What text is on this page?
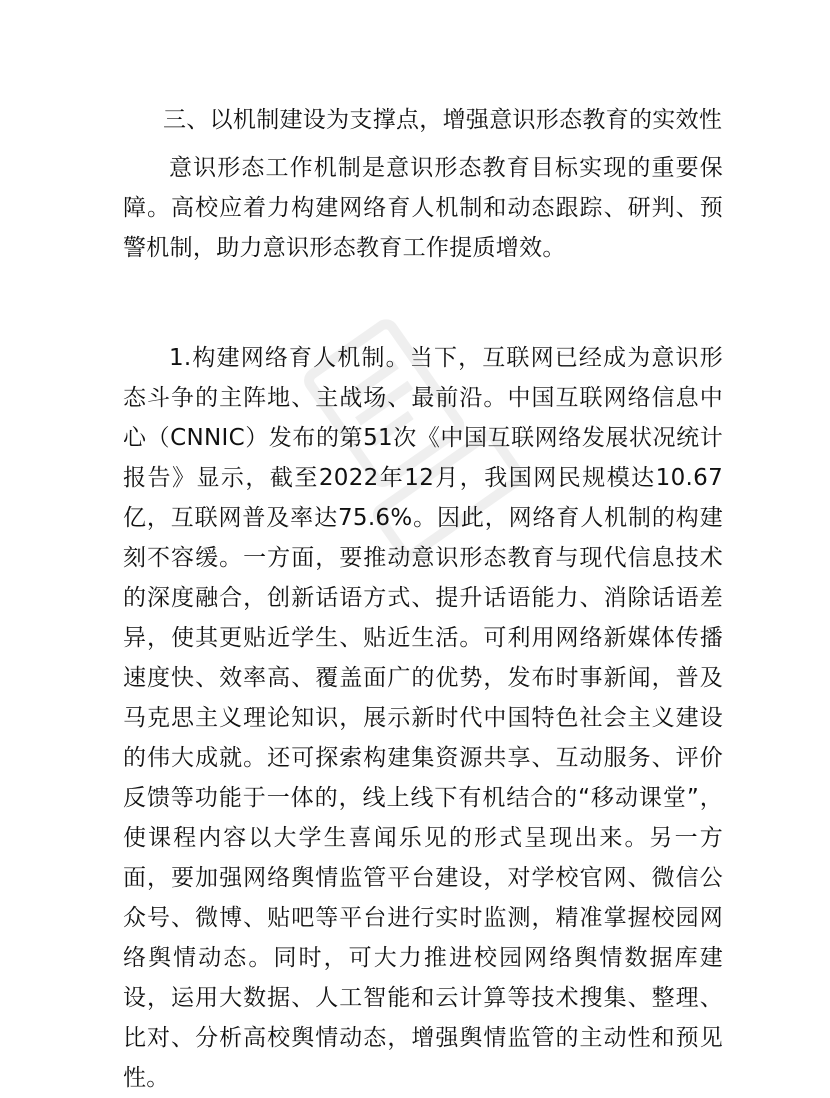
三、以机制建设为支撑点，增强意识形态教育的实效性

意识形态工作机制是意识形态教育目标实现的重要保障。高校应着力构建网络育人机制和动态跟踪、研判、预警机制，助力意识形态教育工作提质增效。

1.构建网络育人机制。当下，互联网已经成为意识形态斗争的主阵地、主战场、最前沿。中国互联网络信息中心（CNNIC）发布的第51次《中国互联网络发展状况统计报告》显示，截至2022年12月，我国网民规模达10.67亿，互联网普及率达75.6%。因此，网络育人机制的构建刻不容缓。一方面，要推动意识形态教育与现代信息技术的深度融合，创新话语方式、提升话语能力、消除话语差异，使其更贴近学生、贴近生活。可利用网络新媒体传播速度快、效率高、覆盖面广的优势，发布时事新闻，普及马克思主义理论知识，展示新时代中国特色社会主义建设的伟大成就。还可探索构建集资源共享、互动服务、评价反馈等功能于一体的，线上线下有机结合的“移动课堂”，使课程内容以大学生喜闻乐见的形式呈现出来。另一方面，要加强网络舆情监管平台建设，对学校官网、微信公众号、微博、贴吧等平台进行实时监测，精准掌握校园网络舆情动态。同时，可大力推进校园网络舆情数据库建设，运用大数据、人工智能和云计算等技术搜集、整理、比对、分析高校舆情动态，增强舆情监管的主动性和预见性。
